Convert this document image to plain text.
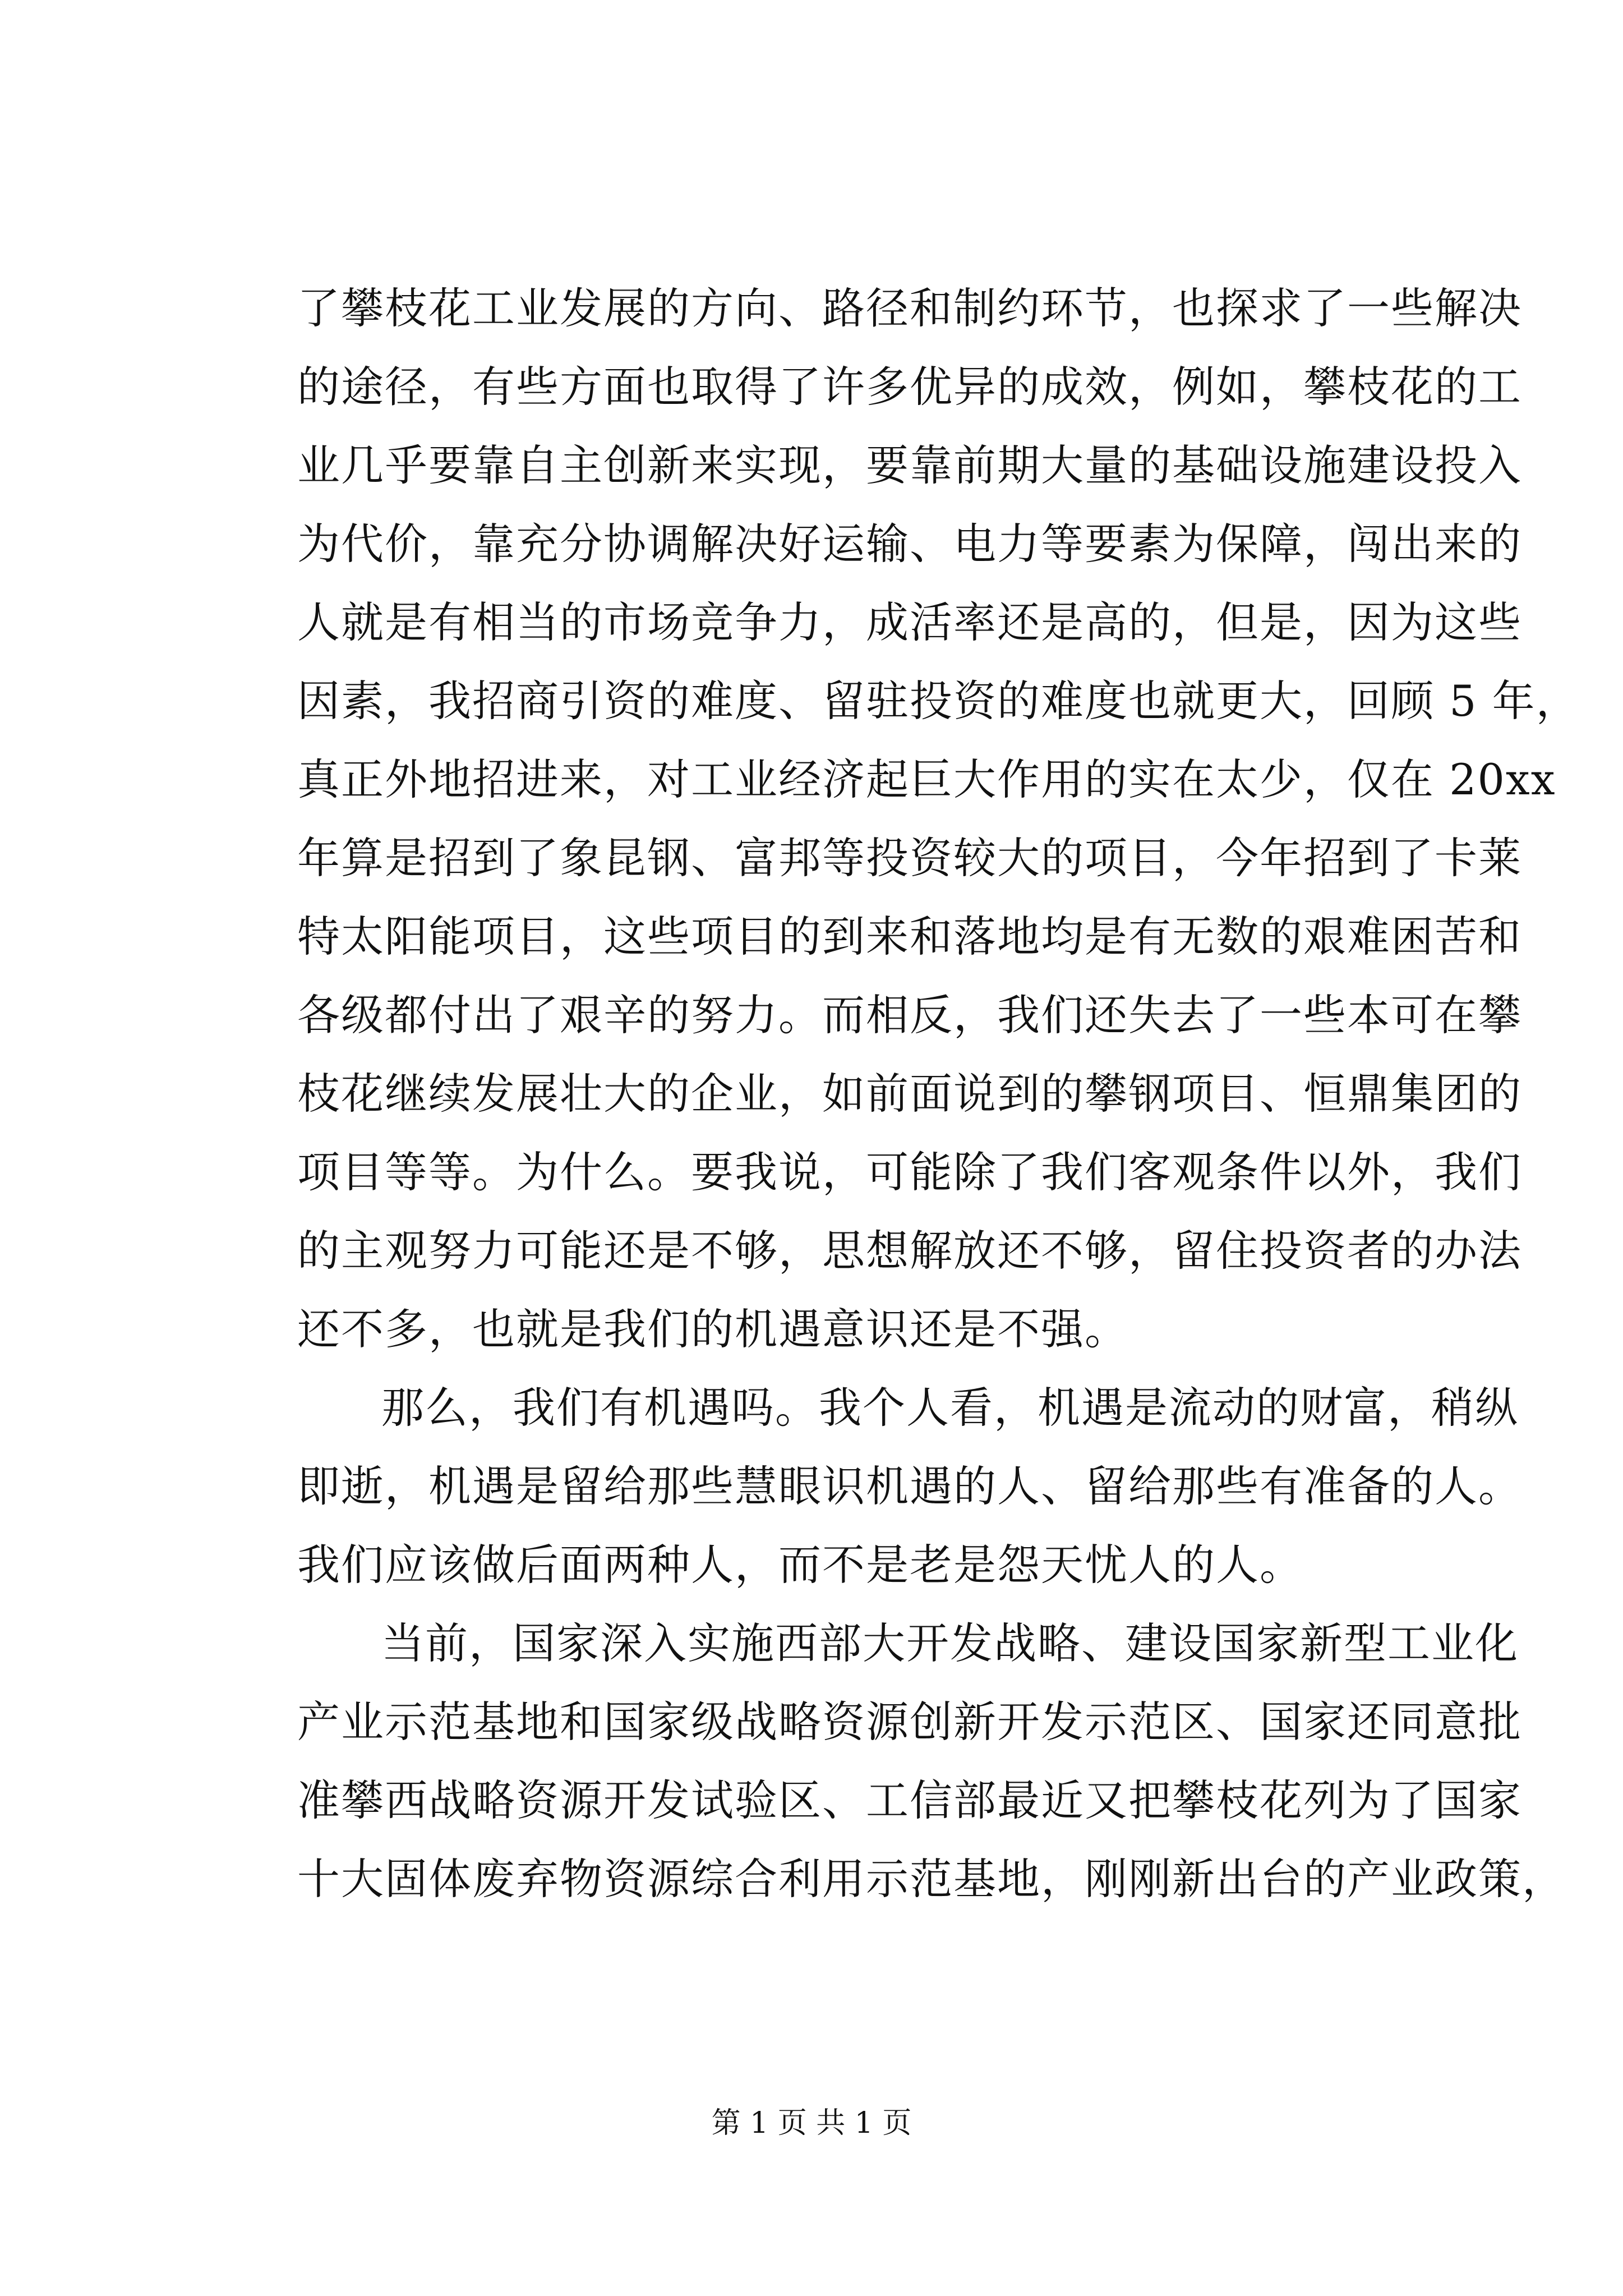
了攀枝花工业发展的方向、路径和制约环节，也探求了一些解决
的途径，有些方面也取得了许多优异的成效，例如，攀枝花的工
业几乎要靠自主创新来实现，要靠前期大量的基础设施建设投入
为代价，靠充分协调解决好运输、电力等要素为保障，闯出来的
人就是有相当的市场竞争力，成活率还是高的，但是，因为这些
因素，我招商引资的难度、留驻投资的难度也就更大，回顾 5 年，
真正外地招进来，对工业经济起巨大作用的实在太少，仅在 20xx
年算是招到了象昆钢、富邦等投资较大的项目，今年招到了卡莱
特太阳能项目，这些项目的到来和落地均是有无数的艰难困苦和
各级都付出了艰辛的努力。而相反，我们还失去了一些本可在攀
枝花继续发展壮大的企业，如前面说到的攀钢项目、恒鼎集团的
项目等等。为什么。要我说，可能除了我们客观条件以外，我们
的主观努力可能还是不够，思想解放还不够，留住投资者的办法
还不多，也就是我们的机遇意识还是不强。
那么，我们有机遇吗。我个人看，机遇是流动的财富，稍纵
即逝，机遇是留给那些慧眼识机遇的人、留给那些有准备的人。
我们应该做后面两种人，而不是老是怨天忧人的人。
当前，国家深入实施西部大开发战略、建设国家新型工业化
产业示范基地和国家级战略资源创新开发示范区、国家还同意批
准攀西战略资源开发试验区、工信部最近又把攀枝花列为了国家
十大固体废弃物资源综合利用示范基地，刚刚新出台的产业政策，
第 1 页 共 1 页
